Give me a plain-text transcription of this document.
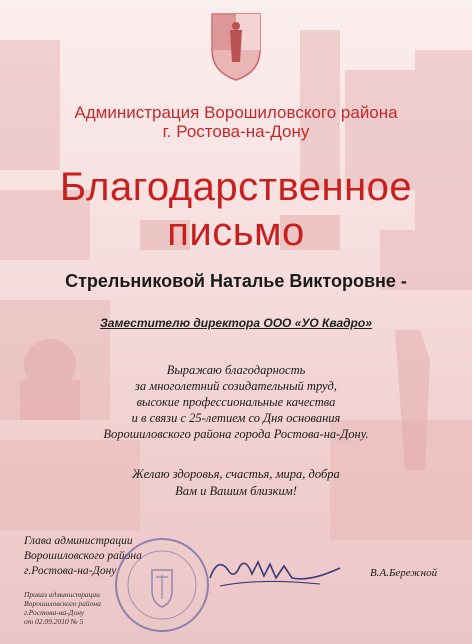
Администрация Ворошиловского района
г. Ростова-на-Дону
Благодарственное
письмо
Стрельниковой Наталье Викторовне -
Заместителю директора ООО «УО Квадро»
Выражаю благодарность
за многолетний созидательный труд,
высокие профессиональные качества
и в связи с 25-летием со Дня основания
Ворошиловского района города Ростова-на-Дону.
Желаю здоровья, счастья, мира, добра
Вам и Вашим близким!
Глава администрации
Ворошиловского района
г.Ростова-на-Дону	В.А.Бережной
Приказ администрации
Ворошиловского района
г.Ростова-на-Дону
от 02.09.2010 № 5
